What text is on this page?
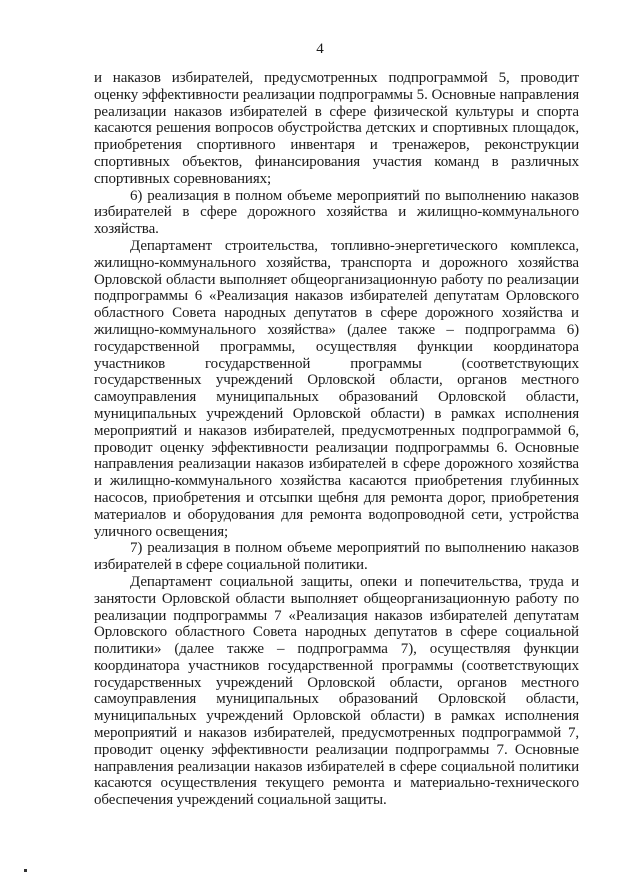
4

и наказов избирателей, предусмотренных подпрограммой 5, проводит оценку эффективности реализации подпрограммы 5. Основные направления реализации наказов избирателей в сфере физической культуры и спорта касаются решения вопросов обустройства детских и спортивных площадок, приобретения спортивного инвентаря и тренажеров, реконструкции спортивных объектов, финансирования участия команд в различных спортивных соревнованиях;

6) реализация в полном объеме мероприятий по выполнению наказов избирателей в сфере дорожного хозяйства и жилищно-коммунального хозяйства.

Департамент строительства, топливно-энергетического комплекса, жилищно-коммунального хозяйства, транспорта и дорожного хозяйства Орловской области выполняет общеорганизационную работу по реализации подпрограммы 6 «Реализация наказов избирателей депутатам Орловского областного Совета народных депутатов в сфере дорожного хозяйства и жилищно-коммунального хозяйства» (далее также – подпрограмма 6) государственной программы, осуществляя функции координатора участников государственной программы (соответствующих государственных учреждений Орловской области, органов местного самоуправления муниципальных образований Орловской области, муниципальных учреждений Орловской области) в рамках исполнения мероприятий и наказов избирателей, предусмотренных подпрограммой 6, проводит оценку эффективности реализации подпрограммы 6. Основные направления реализации наказов избирателей в сфере дорожного хозяйства и жилищно-коммунального хозяйства касаются приобретения глубинных насосов, приобретения и отсыпки щебня для ремонта дорог, приобретения материалов и оборудования для ремонта водопроводной сети, устройства уличного освещения;

7) реализация в полном объеме мероприятий по выполнению наказов избирателей в сфере социальной политики.

Департамент социальной защиты, опеки и попечительства, труда и занятости Орловской области выполняет общеорганизационную работу по реализации подпрограммы 7 «Реализация наказов избирателей депутатам Орловского областного Совета народных депутатов в сфере социальной политики» (далее также – подпрограмма 7), осуществляя функции координатора участников государственной программы (соответствующих государственных учреждений Орловской области, органов местного самоуправления муниципальных образований Орловской области, муниципальных учреждений Орловской области) в рамках исполнения мероприятий и наказов избирателей, предусмотренных подпрограммой 7, проводит оценку эффективности реализации подпрограммы 7. Основные направления реализации наказов избирателей в сфере социальной политики касаются осуществления текущего ремонта и материально-технического обеспечения учреждений социальной защиты.
